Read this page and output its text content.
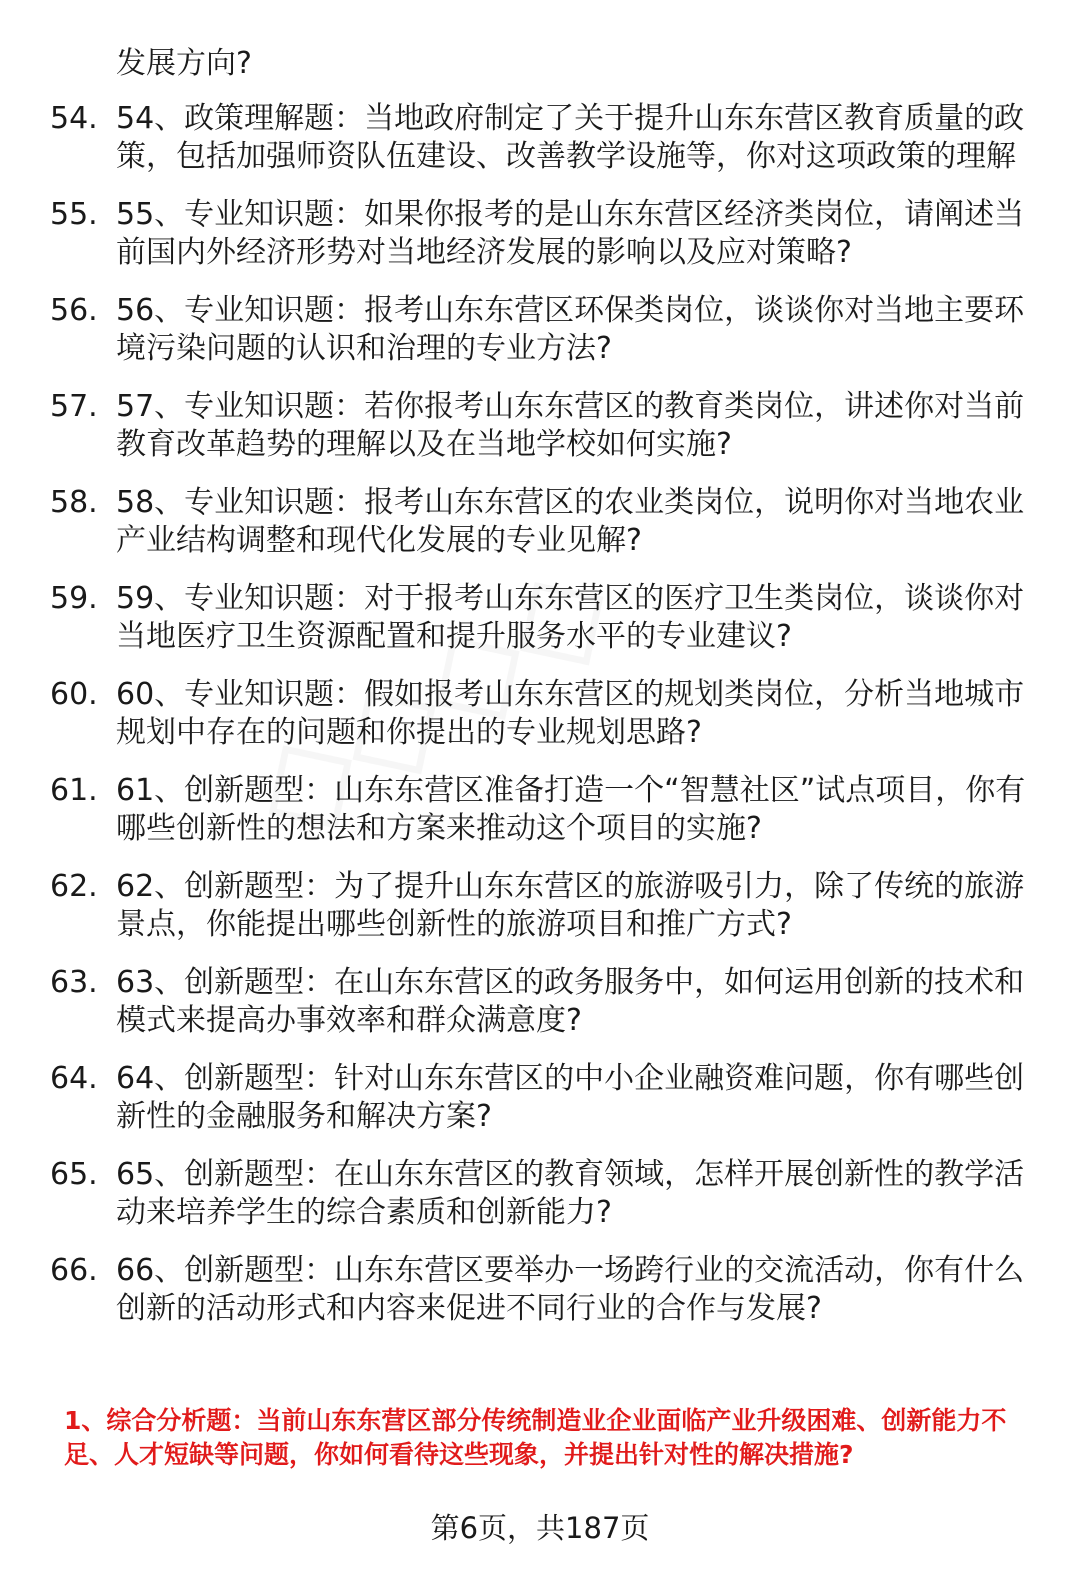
发展方向?

54. 54、政策理解题：当地政府制定了关于提升山东东营区教育质量的政策，包括加强师资队伍建设、改善教学设施等，你对这项政策的理解
55. 55、专业知识题：如果你报考的是山东东营区经济类岗位，请阐述当前国内外经济形势对当地经济发展的影响以及应对策略?
56. 56、专业知识题：报考山东东营区环保类岗位，谈谈你对当地主要环境污染问题的认识和治理的专业方法?
57. 57、专业知识题：若你报考山东东营区的教育类岗位，讲述你对当前教育改革趋势的理解以及在当地学校如何实施?
58. 58、专业知识题：报考山东东营区的农业类岗位，说明你对当地农业产业结构调整和现代化发展的专业见解?
59. 59、专业知识题：对于报考山东东营区的医疗卫生类岗位，谈谈你对当地医疗卫生资源配置和提升服务水平的专业建议?
60. 60、专业知识题：假如报考山东东营区的规划类岗位，分析当地城市规划中存在的问题和你提出的专业规划思路?
61. 61、创新题型：山东东营区准备打造一个“智慧社区”试点项目，你有哪些创新性的想法和方案来推动这个项目的实施?
62. 62、创新题型：为了提升山东东营区的旅游吸引力，除了传统的旅游景点，你能提出哪些创新性的旅游项目和推广方式?
63. 63、创新题型：在山东东营区的政务服务中，如何运用创新的技术和模式来提高办事效率和群众满意度?
64. 64、创新题型：针对山东东营区的中小企业融资难问题，你有哪些创新性的金融服务和解决方案?
65. 65、创新题型：在山东东营区的教育领域，怎样开展创新性的教学活动来培养学生的综合素质和创新能力?
66. 66、创新题型：山东东营区要举办一场跨行业的交流活动，你有什么创新的活动形式和内容来促进不同行业的合作与发展?

1、综合分析题：当前山东东营区部分传统制造业企业面临产业升级困难、创新能力不足、人才短缺等问题，你如何看待这些现象，并提出针对性的解决措施?

第6页，共187页
